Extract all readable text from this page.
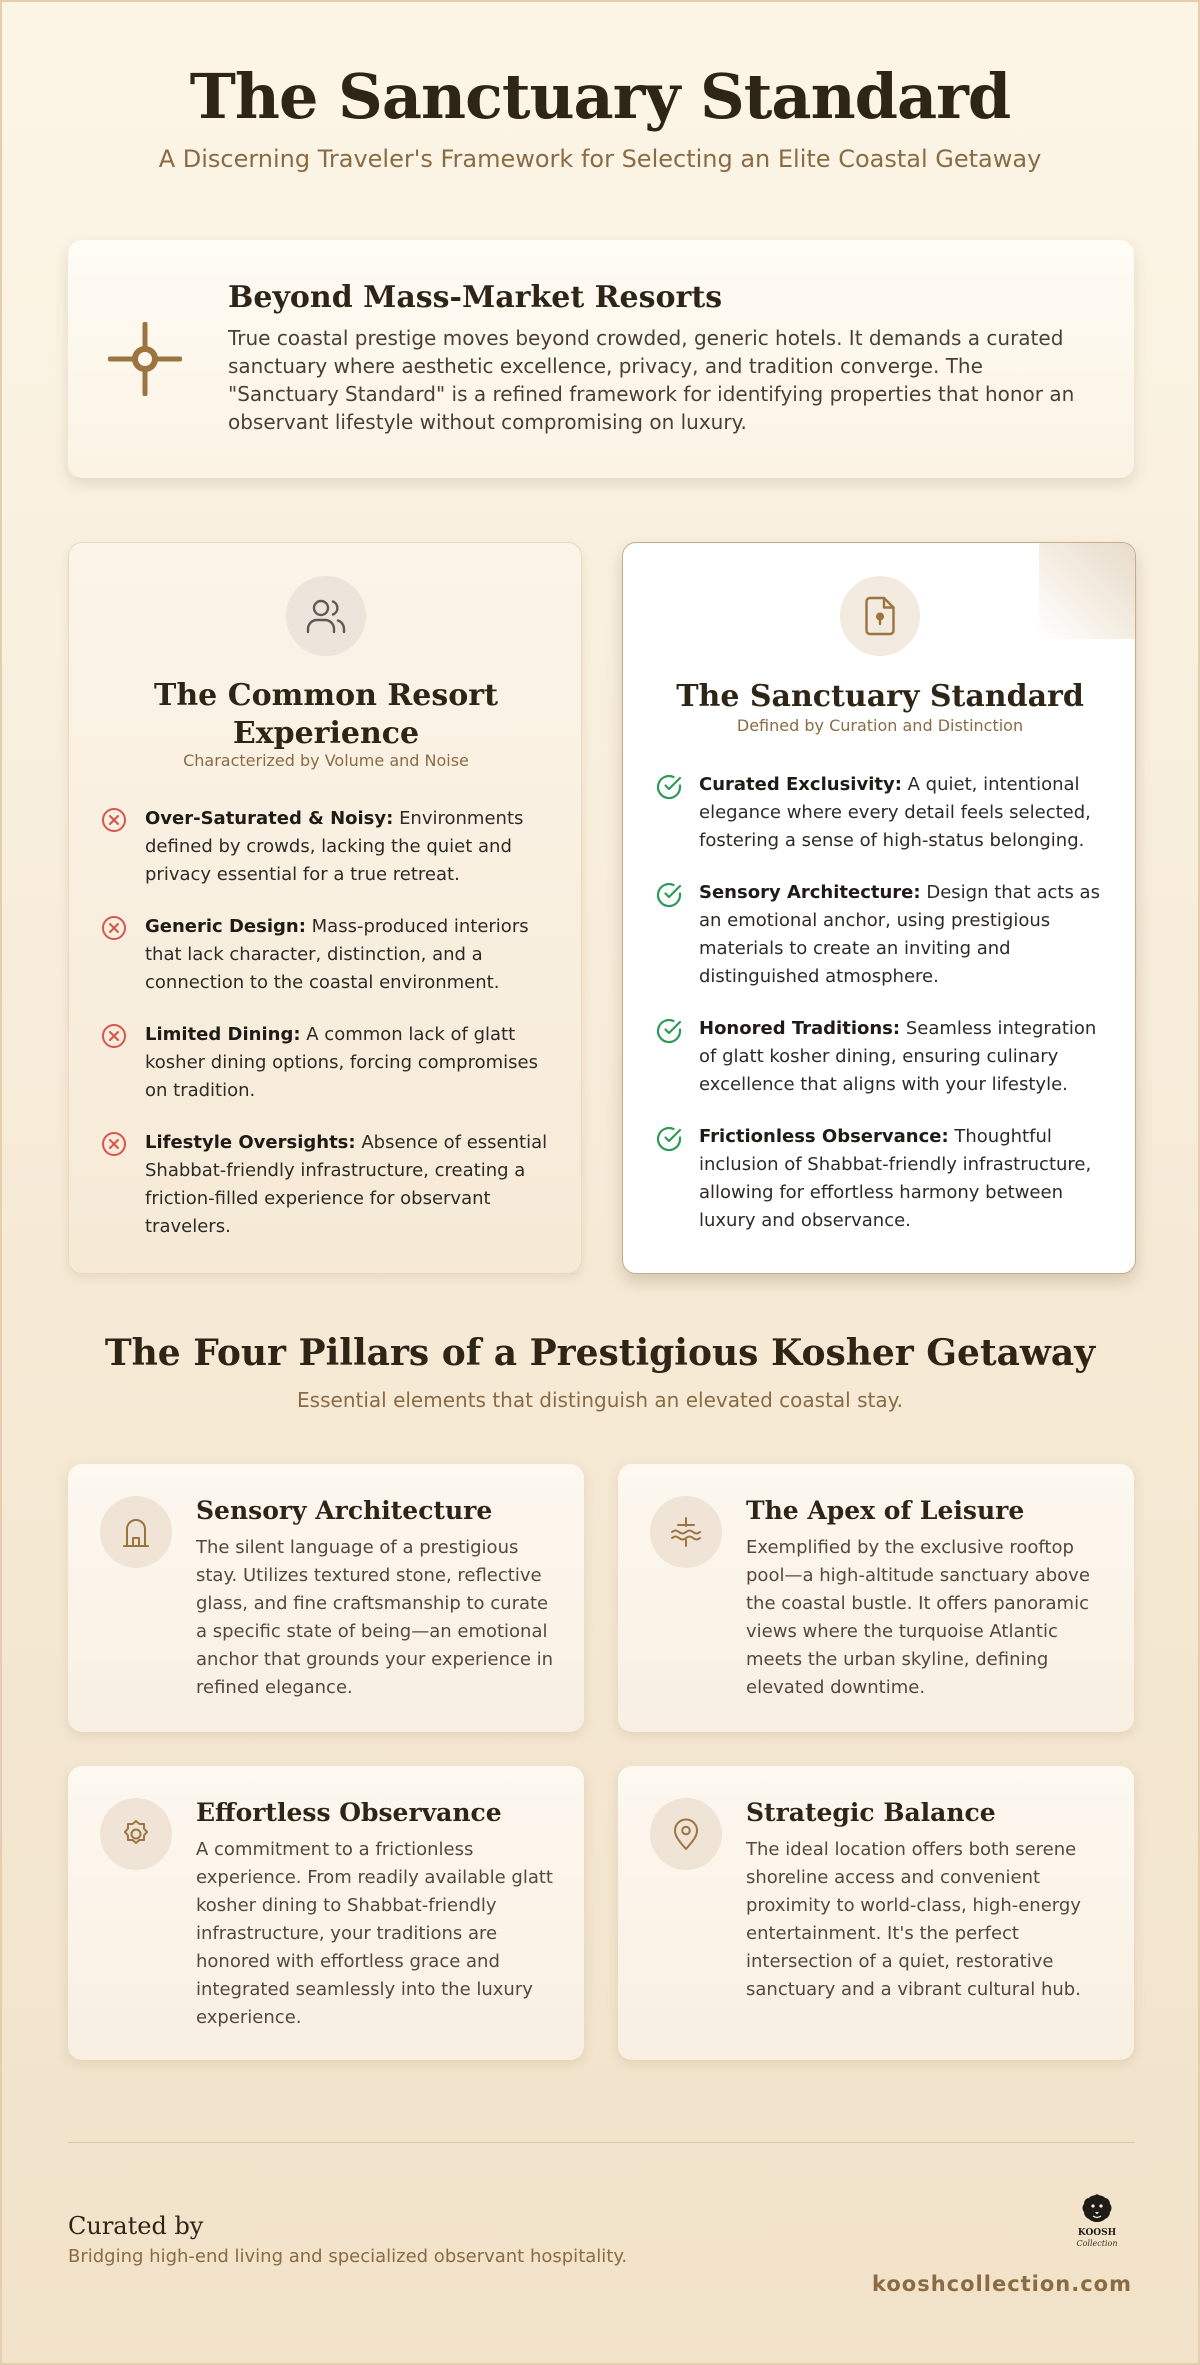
The Sanctuary Standard
A Discerning Traveler's Framework for Selecting an Elite Coastal Getaway
Beyond Mass-Market Resorts

True coastal prestige moves beyond crowded, generic hotels. It demands a curated sanctuary where aesthetic excellence, privacy, and tradition converge. The "Sanctuary Standard" is a refined framework for identifying properties that honor an observant lifestyle without compromising on luxury.

The Common Resort Experience
Characterized by Volume and Noise
Over-Saturated & Noisy: Environments defined by crowds, lacking the quiet and privacy essential for a true retreat.
Generic Design: Mass-produced interiors that lack character, distinction, and a connection to the coastal environment.
Limited Dining: A common lack of glatt kosher dining options, forcing compromises on tradition.
Lifestyle Oversights: Absence of essential Shabbat-friendly infrastructure, creating a friction-filled experience for observant travelers.
The Sanctuary Standard
Defined by Curation and Distinction
Curated Exclusivity: A quiet, intentional elegance where every detail feels selected, fostering a sense of high-status belonging.
Sensory Architecture: Design that acts as an emotional anchor, using prestigious materials to create an inviting and distinguished atmosphere.
Honored Traditions: Seamless integration of glatt kosher dining, ensuring culinary excellence that aligns with your lifestyle.
Frictionless Observance: Thoughtful inclusion of Shabbat-friendly infrastructure, allowing for effortless harmony between luxury and observance.
The Four Pillars of a Prestigious Kosher Getaway
Essential elements that distinguish an elevated coastal stay.
Sensory Architecture

The silent language of a prestigious stay. Utilizes textured stone, reflective glass, and fine craftsmanship to curate a specific state of being—an emotional anchor that grounds your experience in refined elegance.

The Apex of Leisure

Exemplified by the exclusive rooftop pool—a high-altitude sanctuary above the coastal bustle. It offers panoramic views where the turquoise Atlantic meets the urban skyline, defining elevated downtime.

Effortless Observance

A commitment to a frictionless experience. From readily available glatt kosher dining to Shabbat-friendly infrastructure, your traditions are honored with effortless grace and integrated seamlessly into the luxury experience.

Strategic Balance

The ideal location offers both serene shoreline access and convenient proximity to world-class, high-energy entertainment. It's the perfect intersection of a quiet, restorative sanctuary and a vibrant cultural hub.

Curated by
Bridging high-end living and specialized observant hospitality.
KOOSH
Collection
kooshcollection.com
